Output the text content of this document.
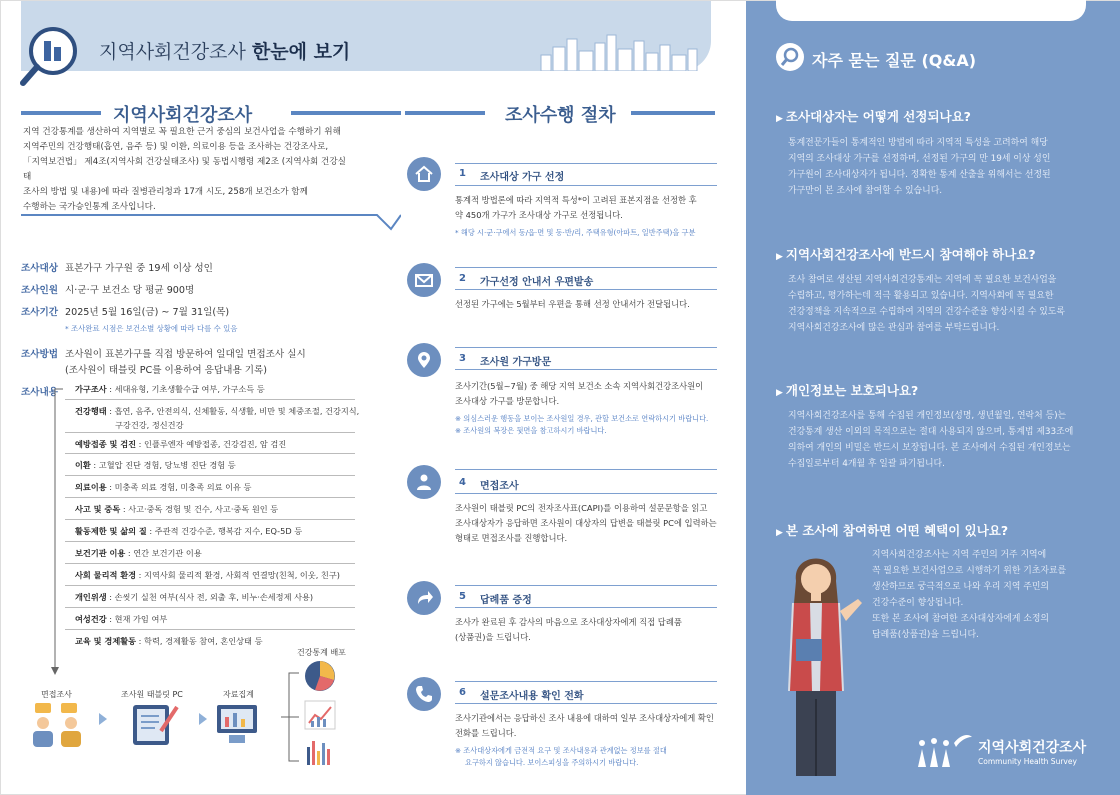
지역사회건강조사 한눈에 보기
지역사회건강조사
지역 건강통계를 생산하여 지역별로 꼭 필요한 근거 중심의 보건사업을 수행하기 위해
지역주민의 건강행태(흡연, 음주 등) 및 이환, 의료이용 등을 조사하는 건강조사로,
「지역보건법」 제4조(지역사회 건강실태조사) 및 동법시행령 제2조 (지역사회 건강실태
조사의 방법 및 내용)에 따라 질병관리청과 17개 시도, 258개 보건소가 함께
수행하는 국가승인통계 조사입니다.
조사대상 표본가구 가구원 중 19세 이상 성인
조사인원 시·군·구 보건소 당 평균 900명
조사기간 2025년 5월 16일(금) ~ 7월 31일(목)
* 조사완료 시점은 보건소별 상황에 따라 다를 수 있음
조사방법 조사원이 표본가구를 직접 방문하여 일대일 면접조사 실시
(조사원이 태블릿 PC를 이용하여 응답내용 기록)
조사내용	가구조사 : 세대유형, 기초생활수급 여부, 가구소득 등
건강행태 : 흡연, 음주, 안전의식, 신체활동, 식생활, 비만 및 체중조절, 건강지식,
구강건강, 정신건강
예방접종 및 검진 : 인플루엔자 예방접종, 건강검진, 암 검진
이환 : 고혈압 진단 경험, 당뇨병 진단 경험 등
의료이용 : 미충족 의료 경험, 미충족 의료 이유 등
사고 및 중독 : 사고·중독 경험 및 건수, 사고·중독 원인 등
활동제한 및 삶의 질 : 주관적 건강수준, 행복감 지수, EQ-5D 등
보건기관 이용 : 연간 보건기관 이용
사회 물리적 환경 : 지역사회 물리적 환경, 사회적 연결망(친척, 이웃, 친구)
개인위생 : 손씻기 실천 여부(식사 전, 외출 후, 비누·손세정제 사용)
여성건강 : 현재 가임 여부
교육 및 경제활동 : 학력, 경제활동 참여, 혼인상태 등
면접조사	조사원 태블릿 PC	자료집계
건강통계 배포
조사수행 절차
1 조사대상 가구 선정
통계적 방법론에 따라 지역적 특성*이 고려된 표본지점을 선정한 후
약 450개 가구가 조사대상 가구로 선정됩니다.
* 해당 시·군·구에서 동/읍·면 및 동·반/리, 주택유형(아파트, 일반주택)을 구분
2 가구선정 안내서 우편발송
선정된 가구에는 5월부터 우편을 통해 선정 안내서가 전달됩니다.
3 조사원 가구방문
조사기간(5월~7월) 중 해당 지역 보건소 소속 지역사회건강조사원이
조사대상 가구를 방문합니다.
※ 의심스러운 행동을 보이는 조사원일 경우, 관할 보건소로 연락하시기 바랍니다.
※ 조사원의 복장은 뒷면을 참고하시기 바랍니다.
4 면접조사
조사원이 태블릿 PC의 전자조사표(CAPI)를 이용하여 설문문항을 읽고
조사대상자가 응답하면 조사원이 대상자의 답변을 태블릿 PC에 입력하는
형태로 면접조사를 진행합니다.
5 답례품 증정
조사가 완료된 후 감사의 마음으로 조사대상자에게 직접 답례품
(상품권)을 드립니다.
6 설문조사내용 확인 전화
조사기관에서는 응답하신 조사 내용에 대하여 일부 조사대상자에게 확인
전화를 드립니다.
※ 조사대상자에게 금전적 요구 및 조사내용과 관계없는 정보를 절대
요구하지 않습니다. 보이스피싱을 주의하시기 바랍니다.
자주 묻는 질문 (Q&A)
▶ 조사대상자는 어떻게 선정되나요?
통계전문가들이 통계적인 방법에 따라 지역적 특성을 고려하여 해당
지역의 조사대상 가구를 선정하며, 선정된 가구의 만 19세 이상 성인
가구원이 조사대상자가 됩니다. 정확한 통계 산출을 위해서는 선정된
가구만이 본 조사에 참여할 수 있습니다.
▶ 지역사회건강조사에 반드시 참여해야 하나요?
조사 참여로 생산된 지역사회건강통계는 지역에 꼭 필요한 보건사업을
수립하고, 평가하는데 적극 활용되고 있습니다. 지역사회에 꼭 필요한
건강정책을 지속적으로 수립하여 지역의 건강수준을 향상시킬 수 있도록
지역사회건강조사에 많은 관심과 참여를 부탁드립니다.
▶ 개인정보는 보호되나요?
지역사회건강조사를 통해 수집된 개인정보(성명, 생년월일, 연락처 등)는
건강통계 생산 이외의 목적으로는 절대 사용되지 않으며, 통계법 제33조에
의하여 개인의 비밀은 반드시 보장됩니다. 본 조사에서 수집된 개인정보는
수집일로부터 4개월 후 일괄 파기됩니다.
▶ 본 조사에 참여하면 어떤 혜택이 있나요?
지역사회건강조사는 지역 주민의 거주 지역에
꼭 필요한 보건사업으로 시행하기 위한 기초자료를
생산하므로 궁극적으로 나와 우리 지역 주민의
건강수준이 향상됩니다.
또한 본 조사에 참여한 조사대상자에게 소정의
답례품(상품권)을 드립니다.
지역사회건강조사
Community Health Survey
